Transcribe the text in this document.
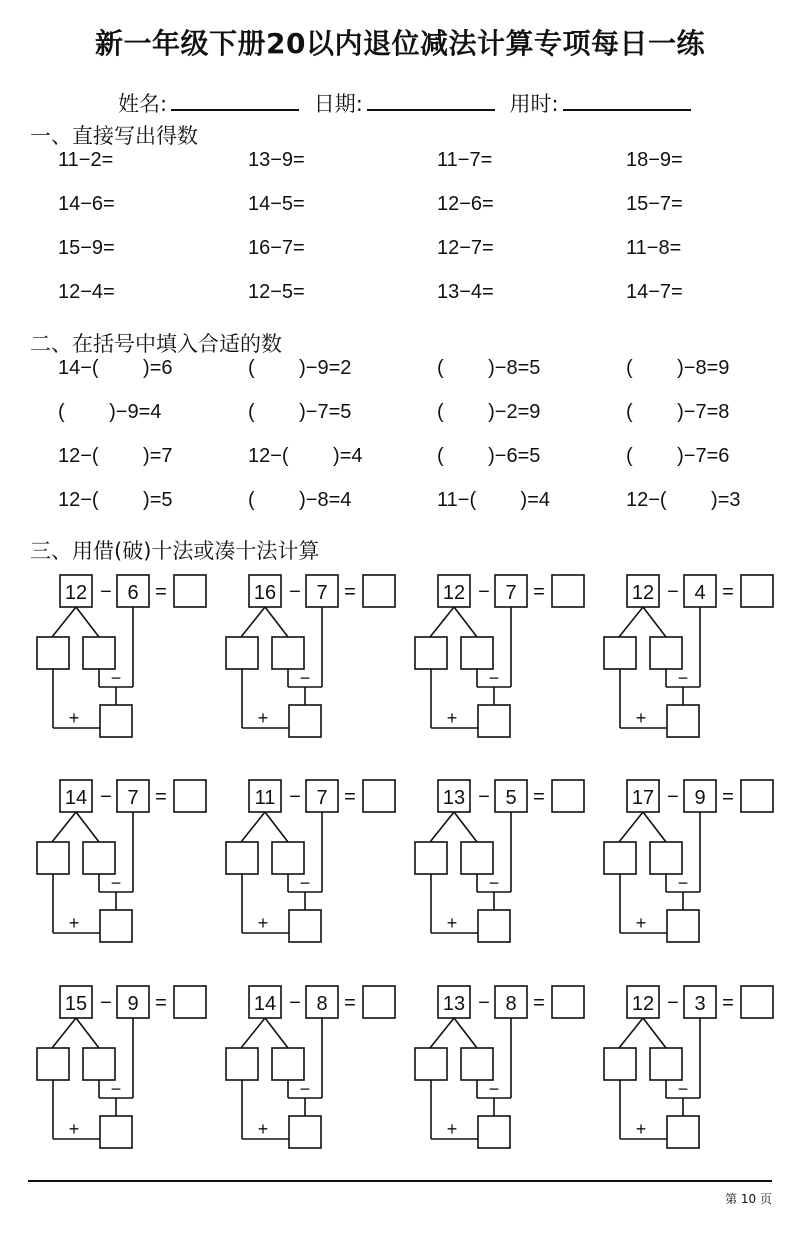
新一年级下册20以内退位减法计算专项每日一练
姓名:	日期:	用时:
一、直接写出得数
11−2=	13−9=	11−7=	18−9=
14−6=	14−5=	12−6=	15−7=
15−9=	16−7=	12−7=	11−8=
12−4=	12−5=	13−4=	14−7=
二、在括号中填入合适的数
14−(        )=6	(        )−9=2	(        )−8=5	(        )−8=9
(        )−9=4	(        )−7=5	(        )−2=9	(        )−7=8
12−(        )=7	12−(        )=4	(        )−6=5	(        )−7=6
12−(        )=5	(        )−8=4	11−(        )=4	12−(        )=3
三、用借(破)十法或凑十法计算
12 − 6 =
−
+
16 − 7 =
−
+
12 − 7 =
−
+
12 − 4 =
−
+
14 − 7 =
−
+
11 − 7 =
−
+
13 − 5 =
−
+
17 − 9 =
−
+
15 − 9 =
−
+
14 − 8 =
−
+
13 − 8 =
−
+
12 − 3 =
−
+
第 10 页
